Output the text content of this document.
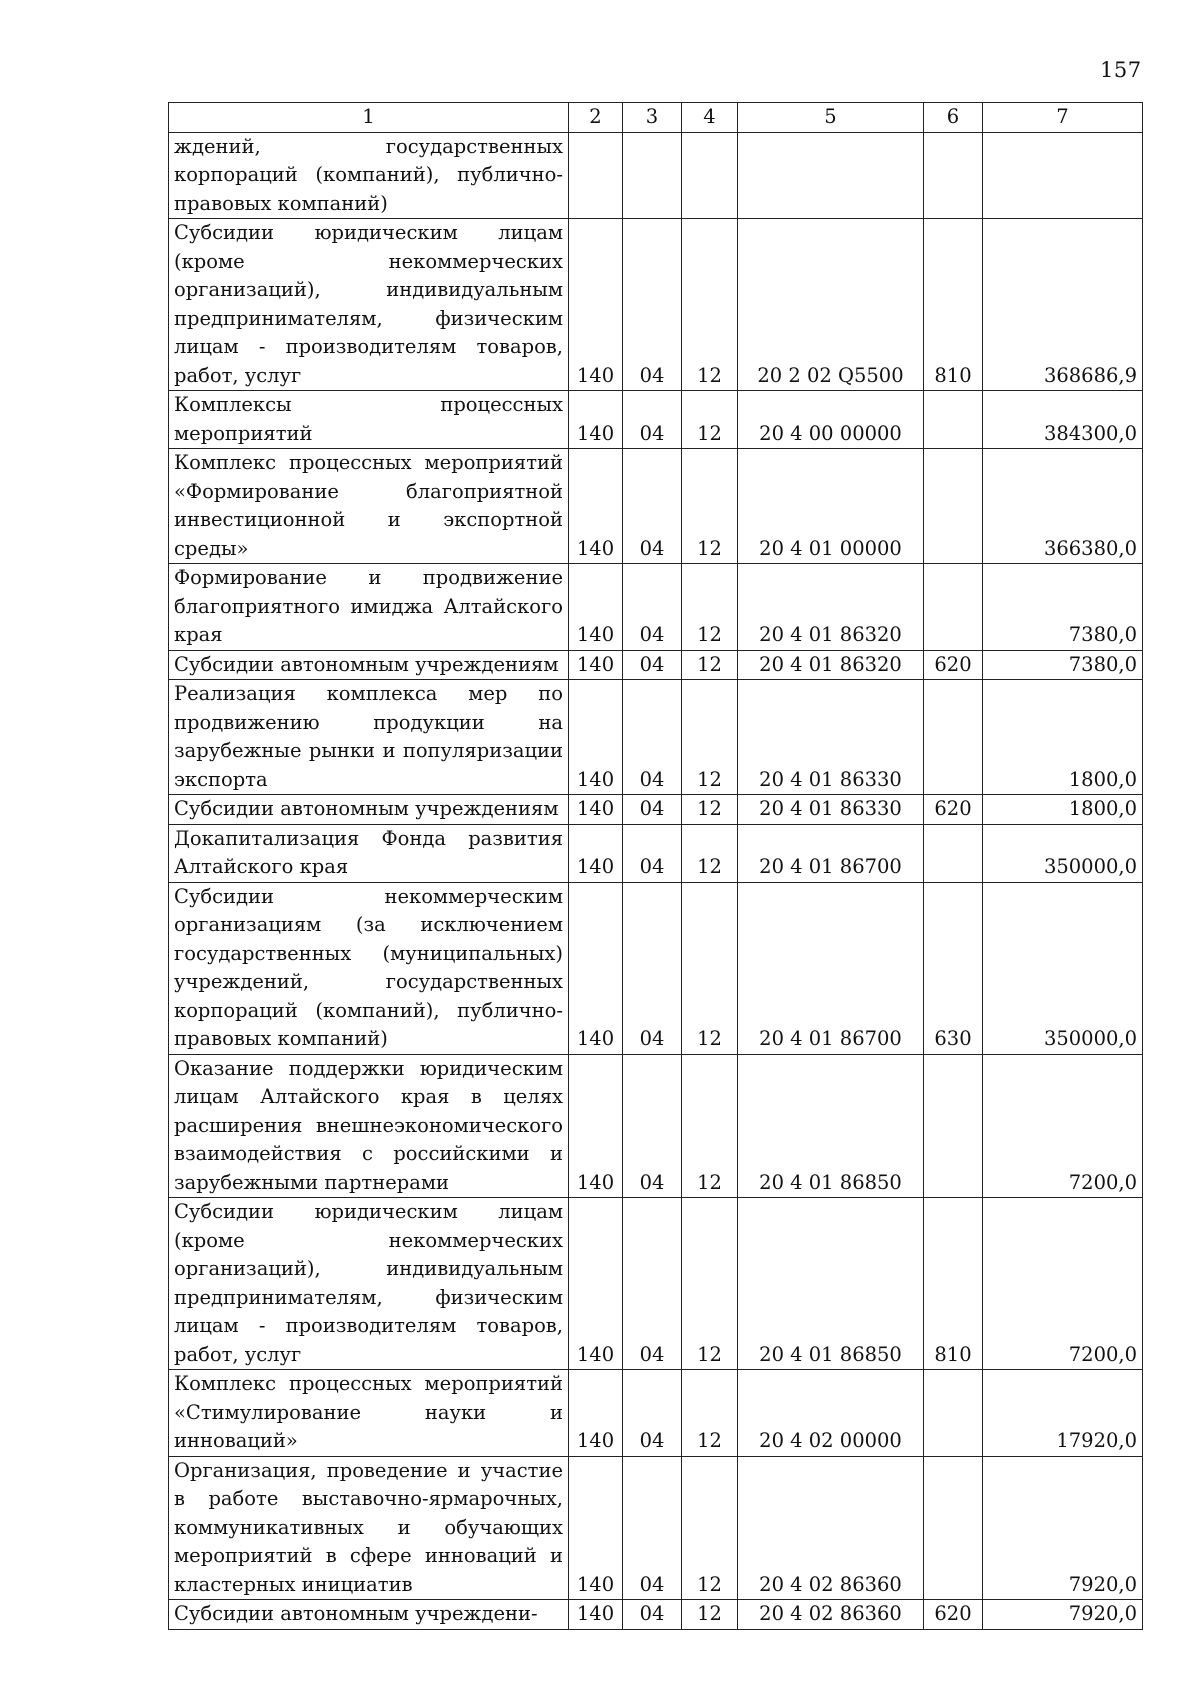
157
1	2	3	4	5	6	7
ждений, государственных корпораций (компаний), публично-правовых компаний)						
Субсидии юридическим лицам (кроме некоммерческих организаций), индивидуальным предпринимателям, физическим лицам - производителям товаров, работ, услуг	140	04	12	20 2 02 Q5500	810	368686,9
Комплексы процессных мероприятий	140	04	12	20 4 00 00000		384300,0
Комплекс процессных мероприятий «Формирование благоприятной инвестиционной и экспортной среды»	140	04	12	20 4 01 00000		366380,0
Формирование и продвижение благоприятного имиджа Алтайского края	140	04	12	20 4 01 86320		7380,0
Субсидии автономным учреждениям	140	04	12	20 4 01 86320	620	7380,0
Реализация комплекса мер по продвижению продукции на зарубежные рынки и популяризации экспорта	140	04	12	20 4 01 86330		1800,0
Субсидии автономным учреждениям	140	04	12	20 4 01 86330	620	1800,0
Докапитализация Фонда развития Алтайского края	140	04	12	20 4 01 86700		350000,0
Субсидии некоммерческим организациям (за исключением государственных (муниципальных) учреждений, государственных корпораций (компаний), публично-правовых компаний)	140	04	12	20 4 01 86700	630	350000,0
Оказание поддержки юридическим лицам Алтайского края в целях расширения внешнеэкономического взаимодействия с российскими и зарубежными партнерами	140	04	12	20 4 01 86850		7200,0
Субсидии юридическим лицам (кроме некоммерческих организаций), индивидуальным предпринимателям, физическим лицам - производителям товаров, работ, услуг	140	04	12	20 4 01 86850	810	7200,0
Комплекс процессных мероприятий «Стимулирование науки и инноваций»	140	04	12	20 4 02 00000		17920,0
Организация, проведение и участие в работе выставочно-ярмарочных, коммуникативных и обучающих мероприятий в сфере инноваций и кластерных инициатив	140	04	12	20 4 02 86360		7920,0
Субсидии автономным учреждени-	140	04	12	20 4 02 86360	620	7920,0
